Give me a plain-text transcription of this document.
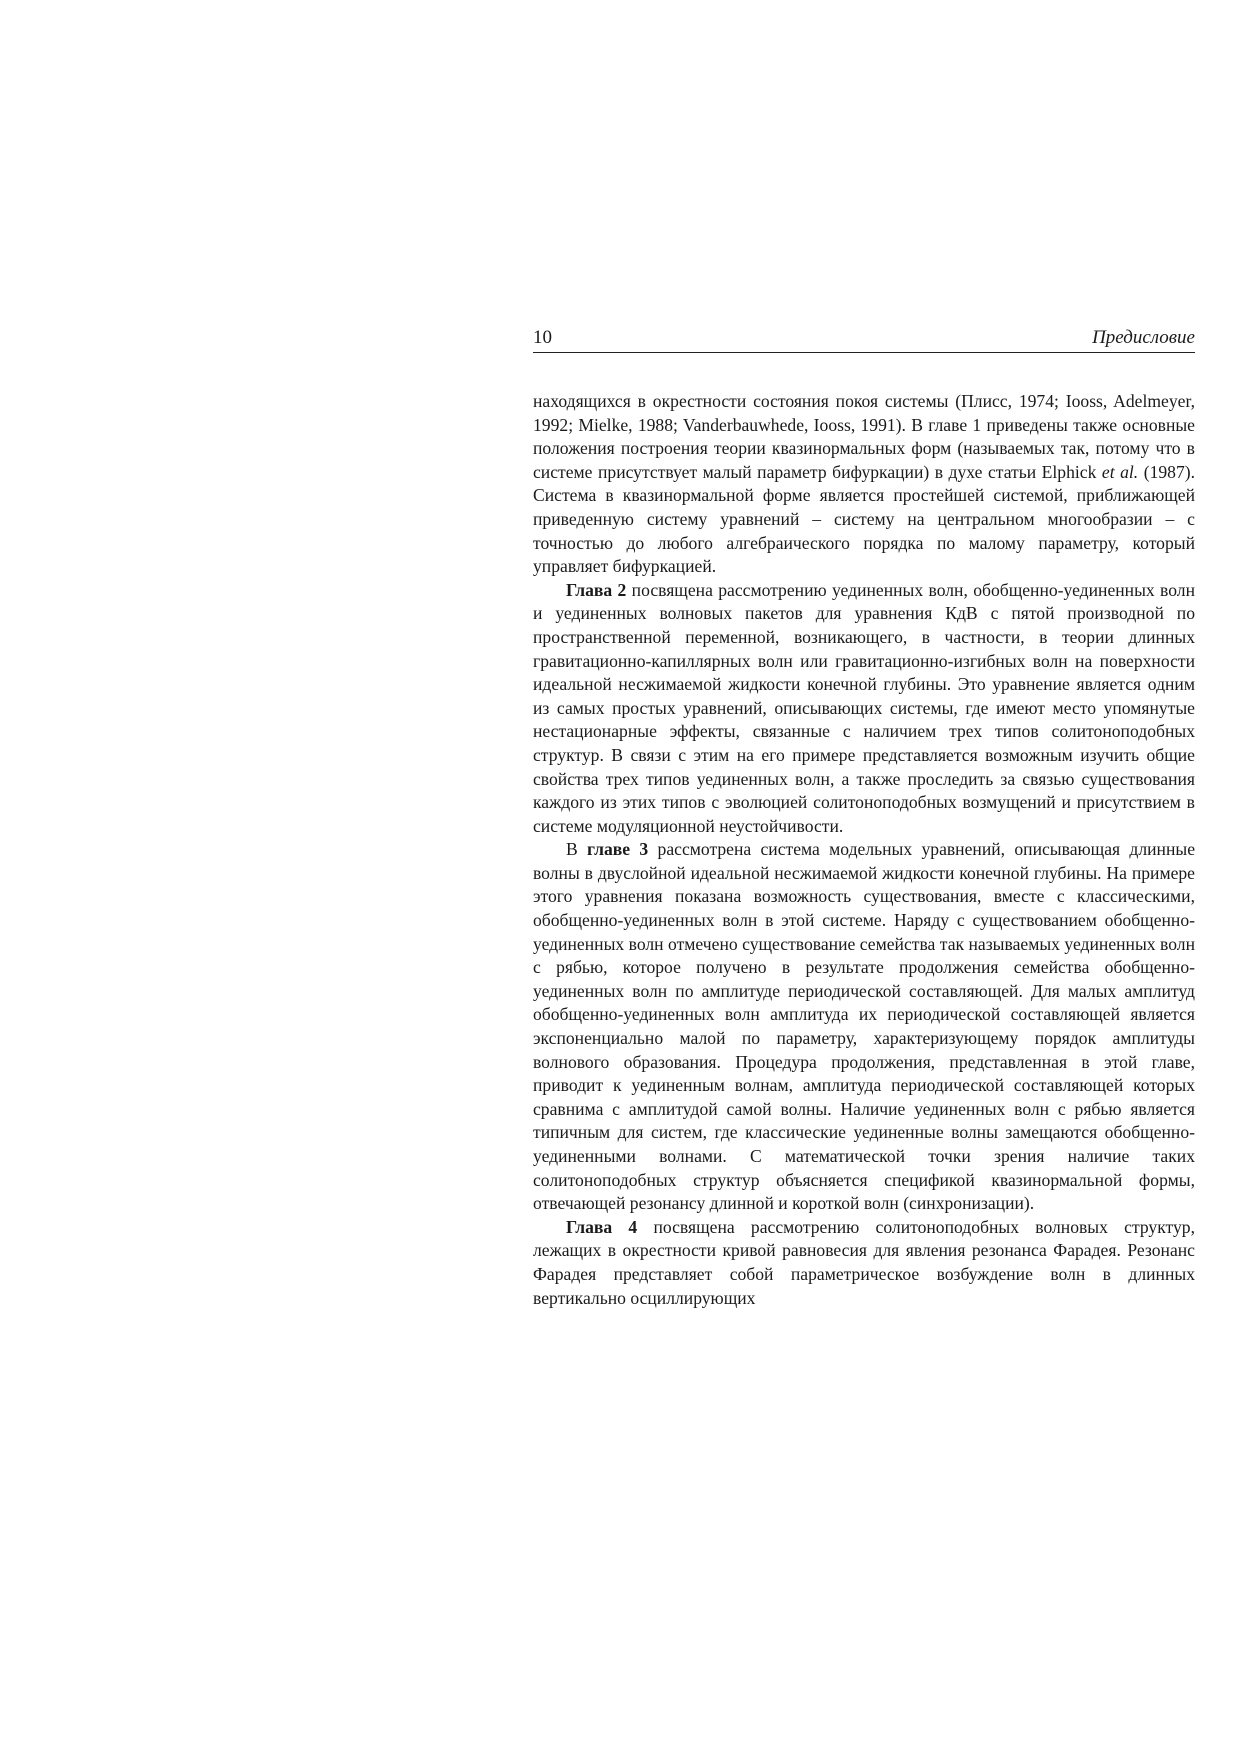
10	Предисловие

находящихся в окрестности состояния покоя системы (Плисс, 1974; Iooss, Adelmeyer, 1992; Mielke, 1988; Vanderbauwhede, Iooss, 1991). В главе 1 приведены также основные положения построения теории квазинормальных форм (называемых так, потому что в системе присутствует малый параметр бифуркации) в духе статьи Elphick et al. (1987). Система в квазинормальной форме является простейшей системой, приближающей приведенную систему уравнений – систему на центральном многообразии – с точностью до любого алгебраического порядка по малому параметру, который управляет бифуркацией.

Глава 2 посвящена рассмотрению уединенных волн, обобщенно-уединенных волн и уединенных волновых пакетов для уравнения КдВ с пятой производной по пространственной переменной, возникающего, в частности, в теории длинных гравитационно-капиллярных волн или гравитационно-изгибных волн на поверхности идеальной несжимаемой жидкости конечной глубины. Это уравнение является одним из самых простых уравнений, описывающих системы, где имеют место упомянутые нестационарные эффекты, связанные с наличием трех типов солитоноподобных структур. В связи с этим на его примере представляется возможным изучить общие свойства трех типов уединенных волн, а также проследить за связью существования каждого из этих типов с эволюцией солитоноподобных возмущений и присутствием в системе модуляционной неустойчивости.

В главе 3 рассмотрена система модельных уравнений, описывающая длинные волны в двуслойной идеальной несжимаемой жидкости конечной глубины. На примере этого уравнения показана возможность существования, вместе с классическими, обобщенно-уединенных волн в этой системе. Наряду с существованием обобщенно-уединенных волн отмечено существование семейства так называемых уединенных волн с рябью, которое получено в результате продолжения семейства обобщенно-уединенных волн по амплитуде периодической составляющей. Для малых амплитуд обобщенно-уединенных волн амплитуда их периодической составляющей является экспоненциально малой по параметру, характеризующему порядок амплитуды волнового образования. Процедура продолжения, представленная в этой главе, приводит к уединенным волнам, амплитуда периодической составляющей которых сравнима с амплитудой самой волны. Наличие уединенных волн с рябью является типичным для систем, где классические уединенные волны замещаются обобщенно-уединенными волнами. С математической точки зрения наличие таких солитоноподобных структур объясняется спецификой квазинормальной формы, отвечающей резонансу длинной и короткой волн (синхронизации).

Глава 4 посвящена рассмотрению солитоноподобных волновых структур, лежащих в окрестности кривой равновесия для явления резонанса Фарадея. Резонанс Фарадея представляет собой параметрическое возбуждение волн в длинных вертикально осциллирующих
